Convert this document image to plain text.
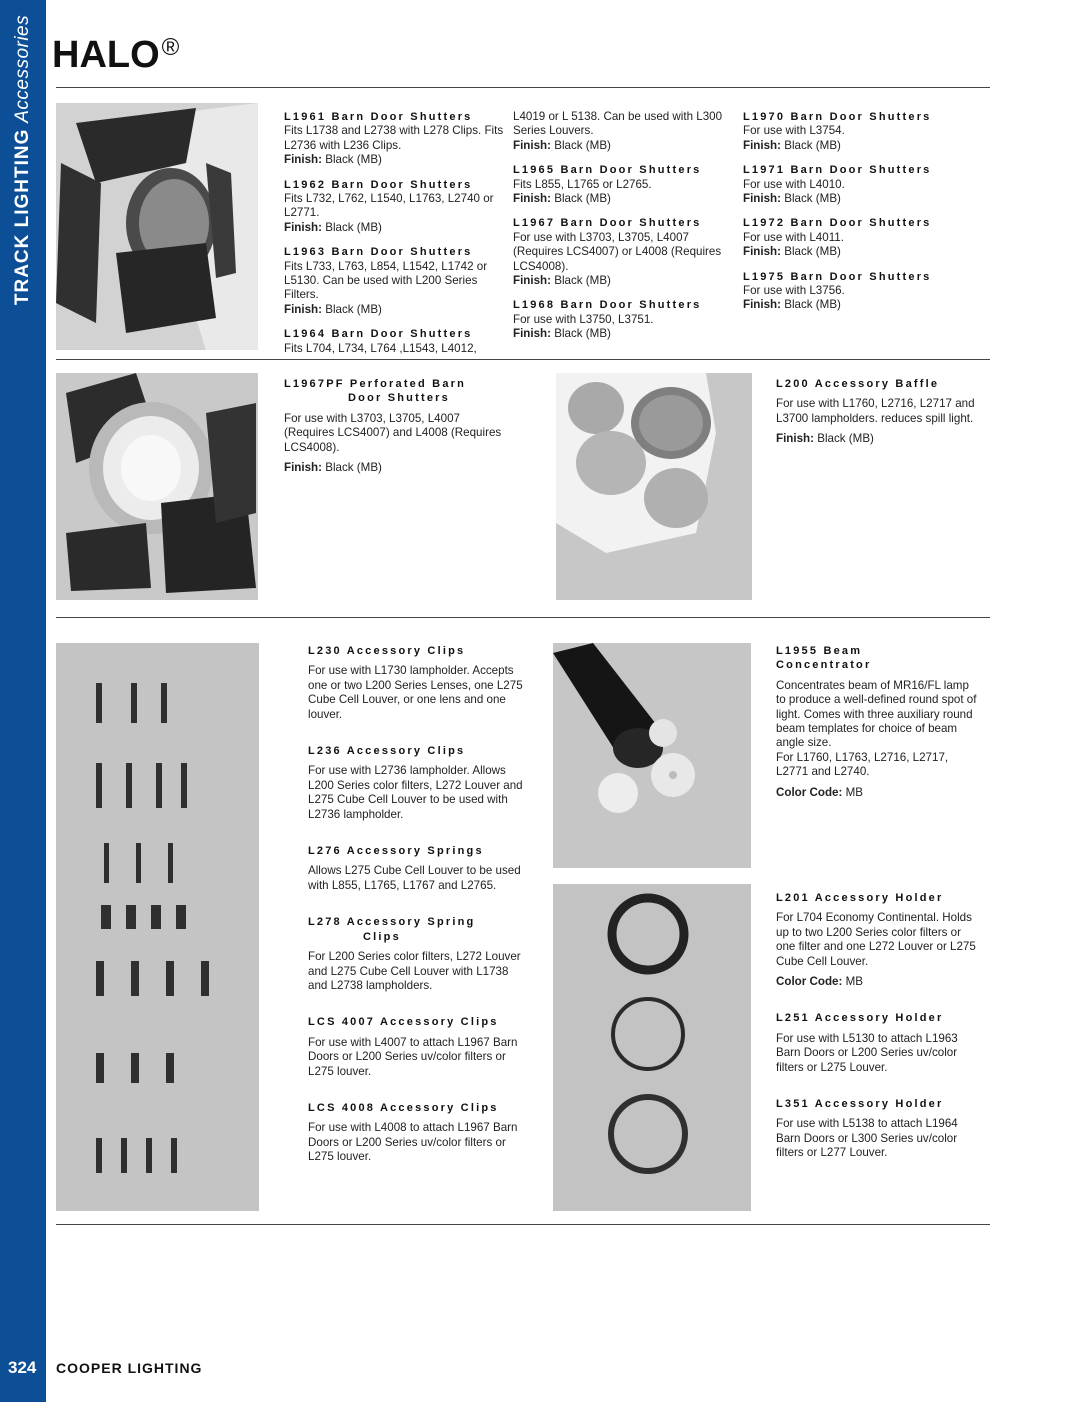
TRACK LIGHTING Accessories
324
HALO®

L1961 Barn Door Shutters

Fits L1738 and L2738 with L278 Clips. Fits L2736 with L236 Clips.

Finish: Black (MB)

L1962 Barn Door Shutters

Fits L732, L762, L1540, L1763, L2740 or L2771.

Finish: Black (MB)

L1963 Barn Door Shutters

Fits L733, L763, L854, L1542, L1742 or L5130. Can be used with L200 Series Filters.

Finish: Black (MB)

L1964 Barn Door Shutters

Fits L704, L734, L764 ,L1543, L4012,

L4019 or L 5138. Can be used with L300 Series Louvers.

Finish: Black (MB)

L1965 Barn Door Shutters

Fits L855, L1765 or L2765.

Finish: Black (MB)

L1967 Barn Door Shutters

For use with L3703, L3705, L4007 (Requires LCS4007) or L4008 (Requires LCS4008).

Finish: Black (MB)

L1968 Barn Door Shutters

For use with L3750, L3751.

Finish: Black (MB)

L1970 Barn Door Shutters

For use with L3754.

Finish: Black (MB)

L1971 Barn Door Shutters

For use with L4010.

Finish: Black (MB)

L1972 Barn Door Shutters

For use with L4011.

Finish: Black (MB)

L1975 Barn Door Shutters

For use with L3756.

Finish: Black (MB)

L1967PF Perforated Barn

Door Shutters

For use with L3703, L3705, L4007 (Requires LCS4007) and L4008 (Requires LCS4008).

Finish: Black (MB)

L200 Accessory Baffle

For use with L1760, L2716, L2717 and L3700 lampholders. reduces spill light.

Finish: Black (MB)

L230 Accessory Clips

For use with L1730 lampholder. Accepts one or two L200 Series Lenses, one L275 Cube Cell Louver, or one lens and one louver.

L236 Accessory Clips

For use with L2736 lampholder. Allows L200 Series color filters, L272 Louver and L275 Cube Cell Louver to be used with L2736 lampholder.

L276 Accessory Springs

Allows L275 Cube Cell Louver to be used with L855, L1765, L1767 and L2765.

L278 Accessory Spring

Clips

For L200 Series color filters, L272 Louver and L275 Cube Cell Louver with L1738 and L2738 lampholders.

LCS 4007 Accessory Clips

For use with L4007 to attach L1967 Barn Doors or L200 Series uv/color filters or L275 louver.

LCS 4008 Accessory Clips

For use with L4008 to attach L1967 Barn Doors or L200 Series uv/color filters or L275 louver.

L1955 Beam

Concentrator

Concentrates beam of MR16/FL lamp to produce a well-defined round spot of light. Comes with three auxiliary round beam templates for choice of beam angle size.

For L1760, L1763, L2716, L2717, L2771 and L2740.

Color Code: MB

L201 Accessory Holder

For L704 Economy Continental. Holds up to two L200 Series color filters or one filter and one L272 Louver or L275 Cube Cell Louver.

Color Code: MB

L251 Accessory Holder

For use with L5130 to attach L1963 Barn Doors or L200 Series uv/color filters or L275 Louver.

L351 Accessory Holder

For use with L5138 to attach L1964 Barn Doors or L300 Series uv/color filters or L277 Louver.

COOPER LIGHTING
